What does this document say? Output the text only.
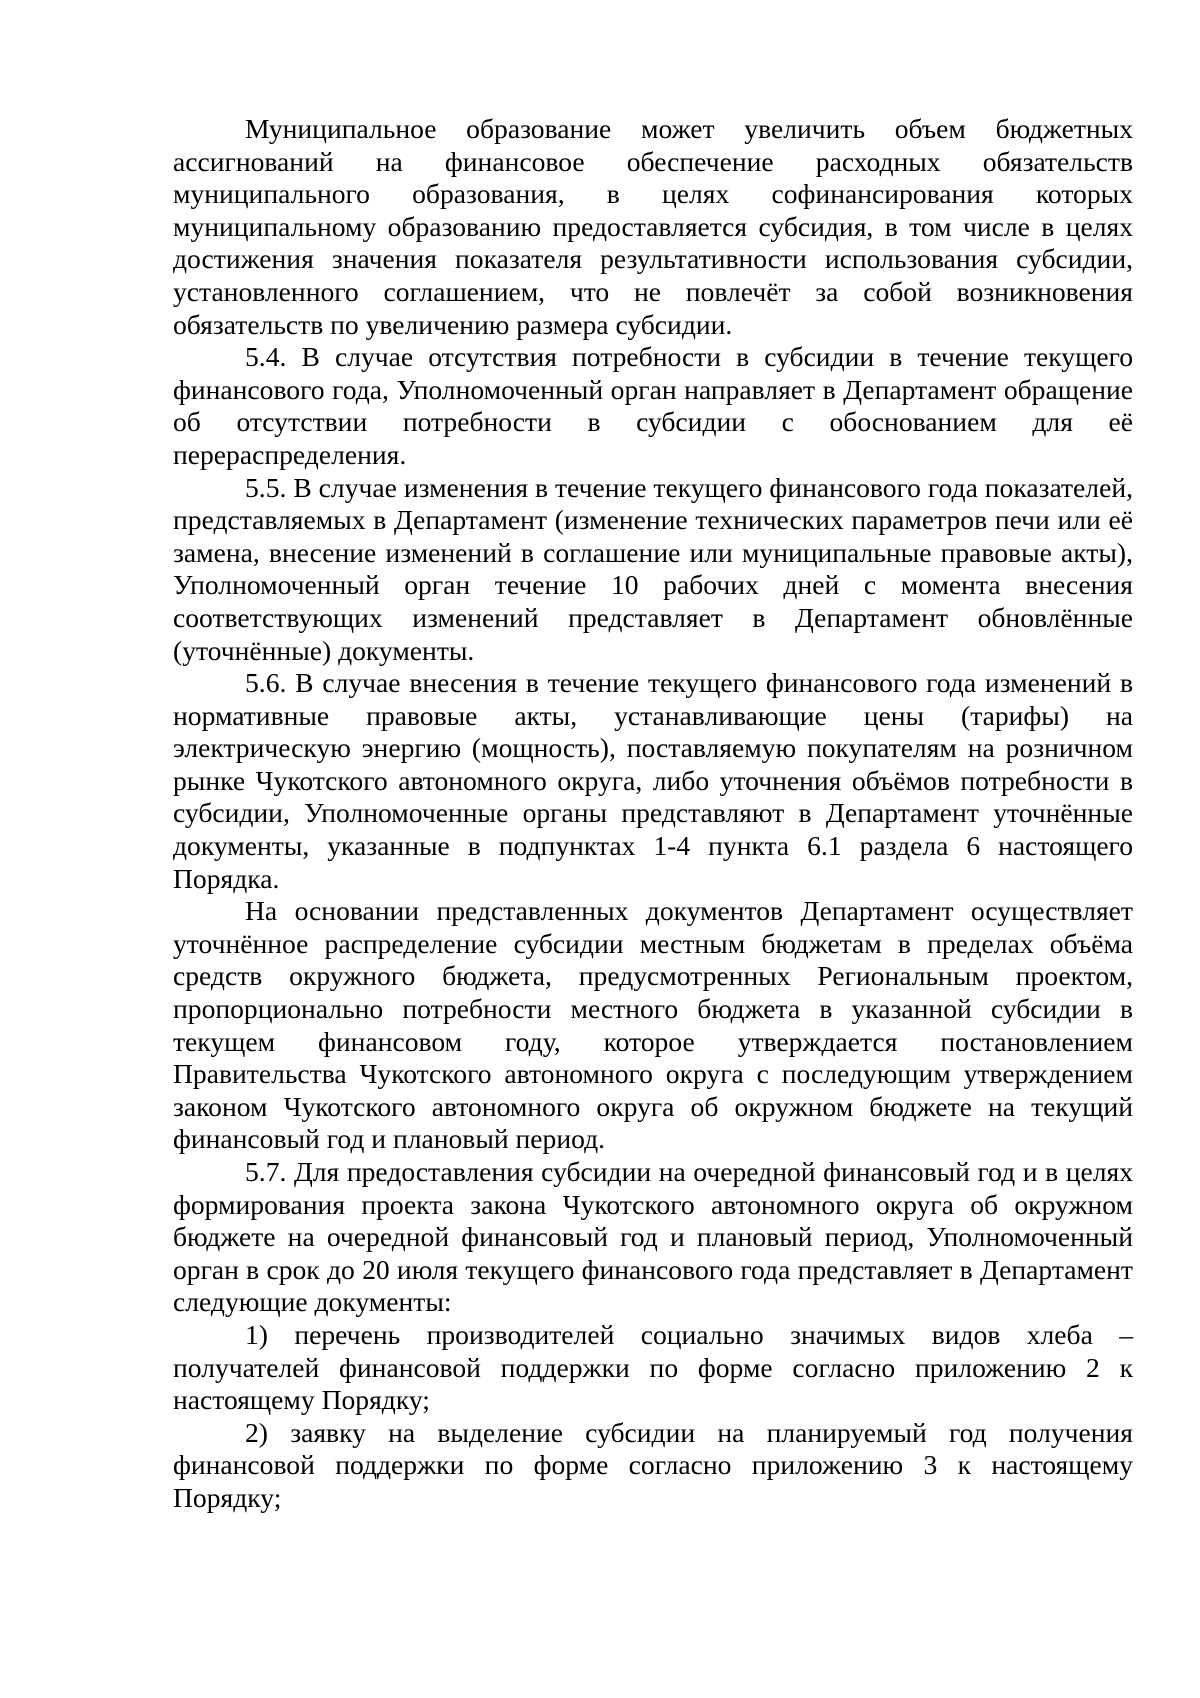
Муниципальное образование может увеличить объем бюджетных ассигнований на финансовое обеспечение расходных обязательств муниципального образования, в целях софинансирования которых муниципальному образованию предоставляется субсидия, в том числе в целях достижения значения показателя результативности использования субсидии, установленного соглашением, что не повлечёт за собой возникновения обязательств по увеличению размера субсидии.

5.4. В случае отсутствия потребности в субсидии в течение текущего финансового года, Уполномоченный орган направляет в Департамент обращение об отсутствии потребности в субсидии с обоснованием для её перераспределения.

5.5. В случае изменения в течение текущего финансового года показателей, представляемых в Департамент (изменение технических параметров печи или её замена, внесение изменений в соглашение или муниципальные правовые акты), Уполномоченный орган течение 10 рабочих дней с момента внесения соответствующих изменений представляет в Департамент обновлённые (уточнённые) документы.

5.6. В случае внесения в течение текущего финансового года изменений в нормативные правовые акты, устанавливающие цены (тарифы) на электрическую энергию (мощность), поставляемую покупателям на розничном рынке Чукотского автономного округа, либо уточнения объёмов потребности в субсидии, Уполномоченные органы представляют в Департамент уточнённые документы, указанные в подпунктах 1-4 пункта 6.1 раздела 6 настоящего Порядка.

На основании представленных документов Департамент осуществляет уточнённое распределение субсидии местным бюджетам в пределах объёма средств окружного бюджета, предусмотренных Региональным проектом, пропорционально потребности местного бюджета в указанной субсидии в текущем финансовом году, которое утверждается постановлением Правительства Чукотского автономного округа с последующим утверждением законом Чукотского автономного округа об окружном бюджете на текущий финансовый год и плановый период.

5.7. Для предоставления субсидии на очередной финансовый год и в целях формирования проекта закона Чукотского автономного округа об окружном бюджете на очередной финансовый год и плановый период, Уполномоченный орган в срок до 20 июля текущего финансового года представляет в Департамент следующие документы:

1) перечень производителей социально значимых видов хлеба – получателей финансовой поддержки по форме согласно приложению 2 к настоящему Порядку;

2) заявку на выделение субсидии на планируемый год получения финансовой поддержки по форме согласно приложению 3 к настоящему Порядку;
